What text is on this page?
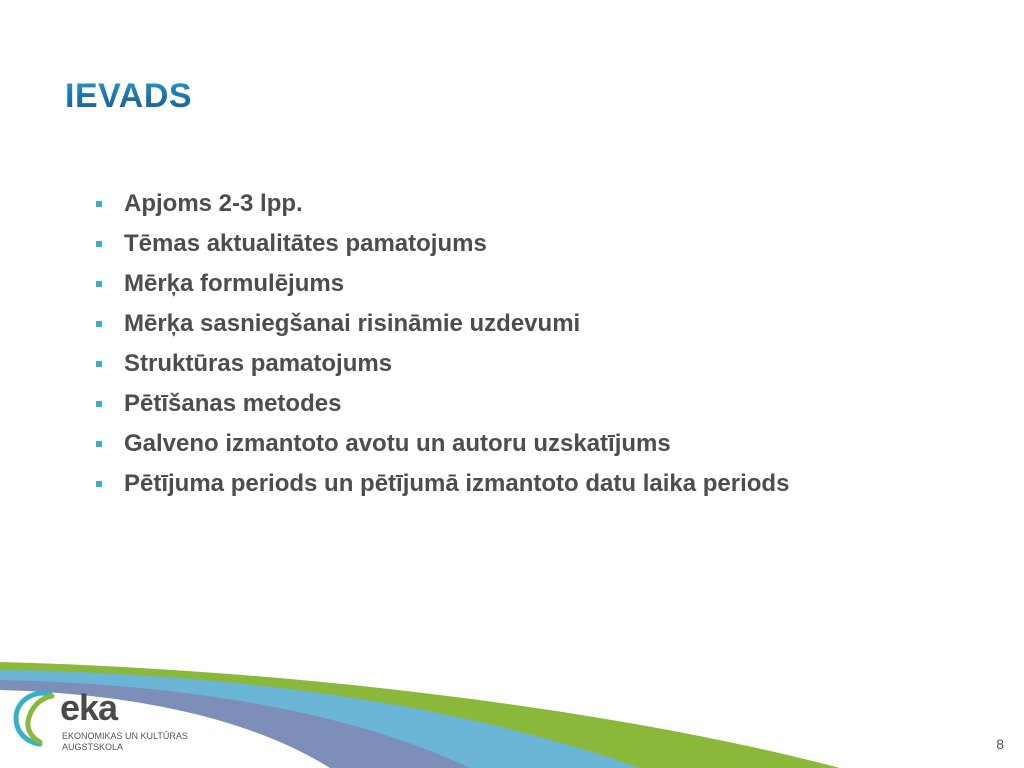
IEVADS
Apjoms 2-3 lpp.
Tēmas aktualitātes pamatojums
Mērķa formulējums
Mērķa sasniegšanai risināmie uzdevumi
Struktūras pamatojums
Pētīšanas metodes
Galveno izmantoto avotu un autoru uzskatījums
Pētījuma periods un pētījumā izmantoto datu laika periods
eka
EKONOMIKAS UN KULTŪRAS
AUGSTSKOLA	8
